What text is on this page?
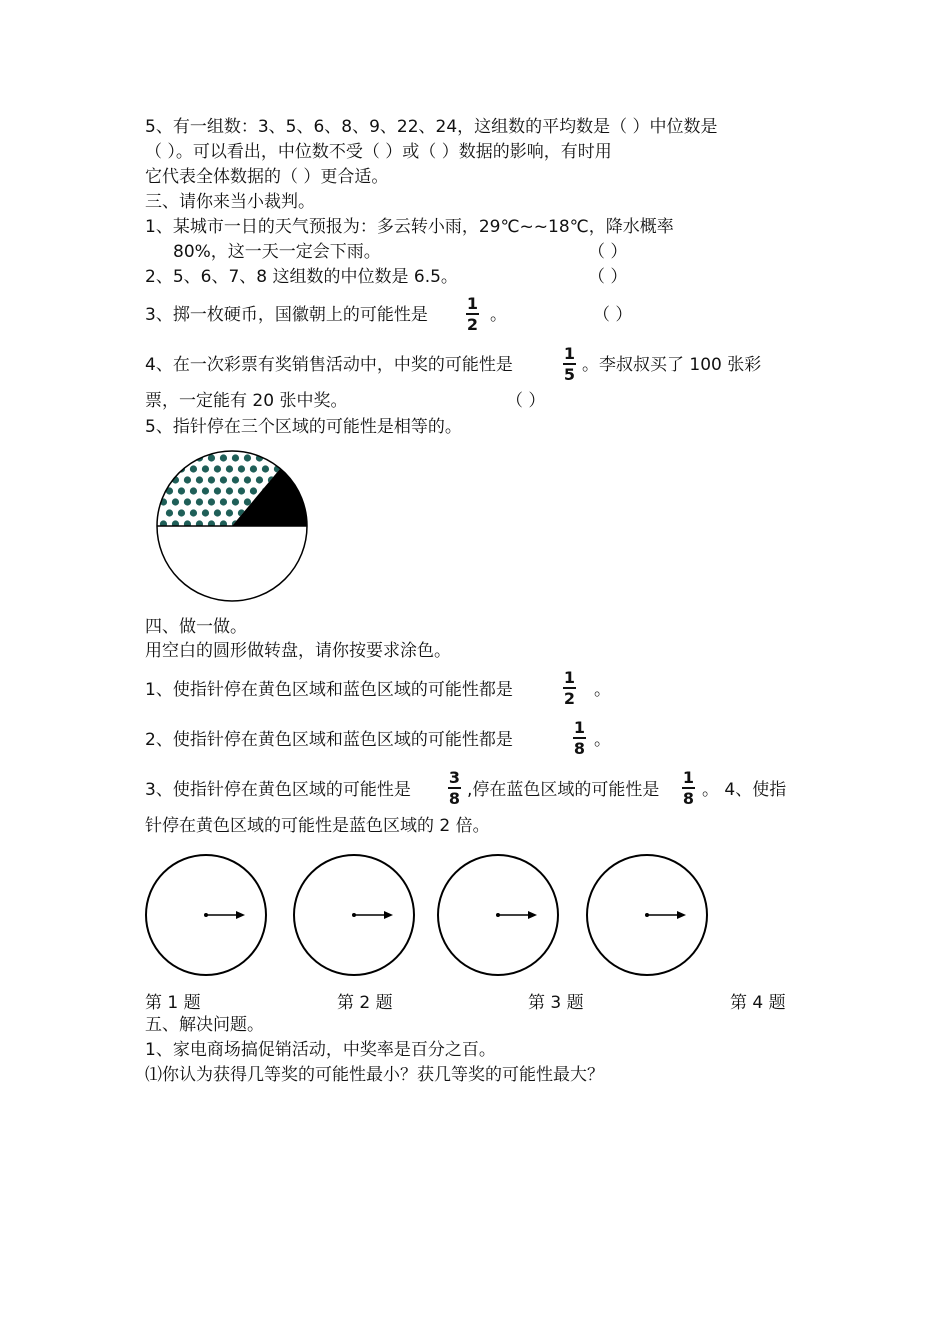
5、有一组数：3、5、6、8、9、22、24，这组数的平均数是（ ）中位数是
（ ）。可以看出，中位数不受（ ）或（ ）数据的影响，有时用
它代表全体数据的（ ）更合适。
三、请你来当小裁判。
1、某城市一日的天气预报为：多云转小雨，29℃~~18℃，降水概率
80%，这一天一定会下雨。	（ ）
2、5、6、7、8 这组数的中位数是 6.5。	（ ）
3、掷一枚硬币，国徽朝上的可能性是
1
2 。	（ ）
4、在一次彩票有奖销售活动中，中奖的可能性是
1
5 。李叔叔买了 100 张彩
票，一定能有 20 张中奖。	（ ）
5、指针停在三个区域的可能性是相等的。
四、做一做。
用空白的圆形做转盘，请你按要求涂色。
1、使指针停在黄色区域和蓝色区域的可能性都是
1
2 。
2、使指针停在黄色区域和蓝色区域的可能性都是
1
8 。
3、使指针停在黄色区域的可能性是
3
8 ,停在蓝色区域的可能性是
1
8 。 4、使指
针停在黄色区域的可能性是蓝色区域的 2 倍。
第 1 题	第 2 题	第 3 题	第 4 题
五、解决问题。
1、家电商场搞促销活动，中奖率是百分之百。
⑴你认为获得几等奖的可能性最小？获几等奖的可能性最大？
